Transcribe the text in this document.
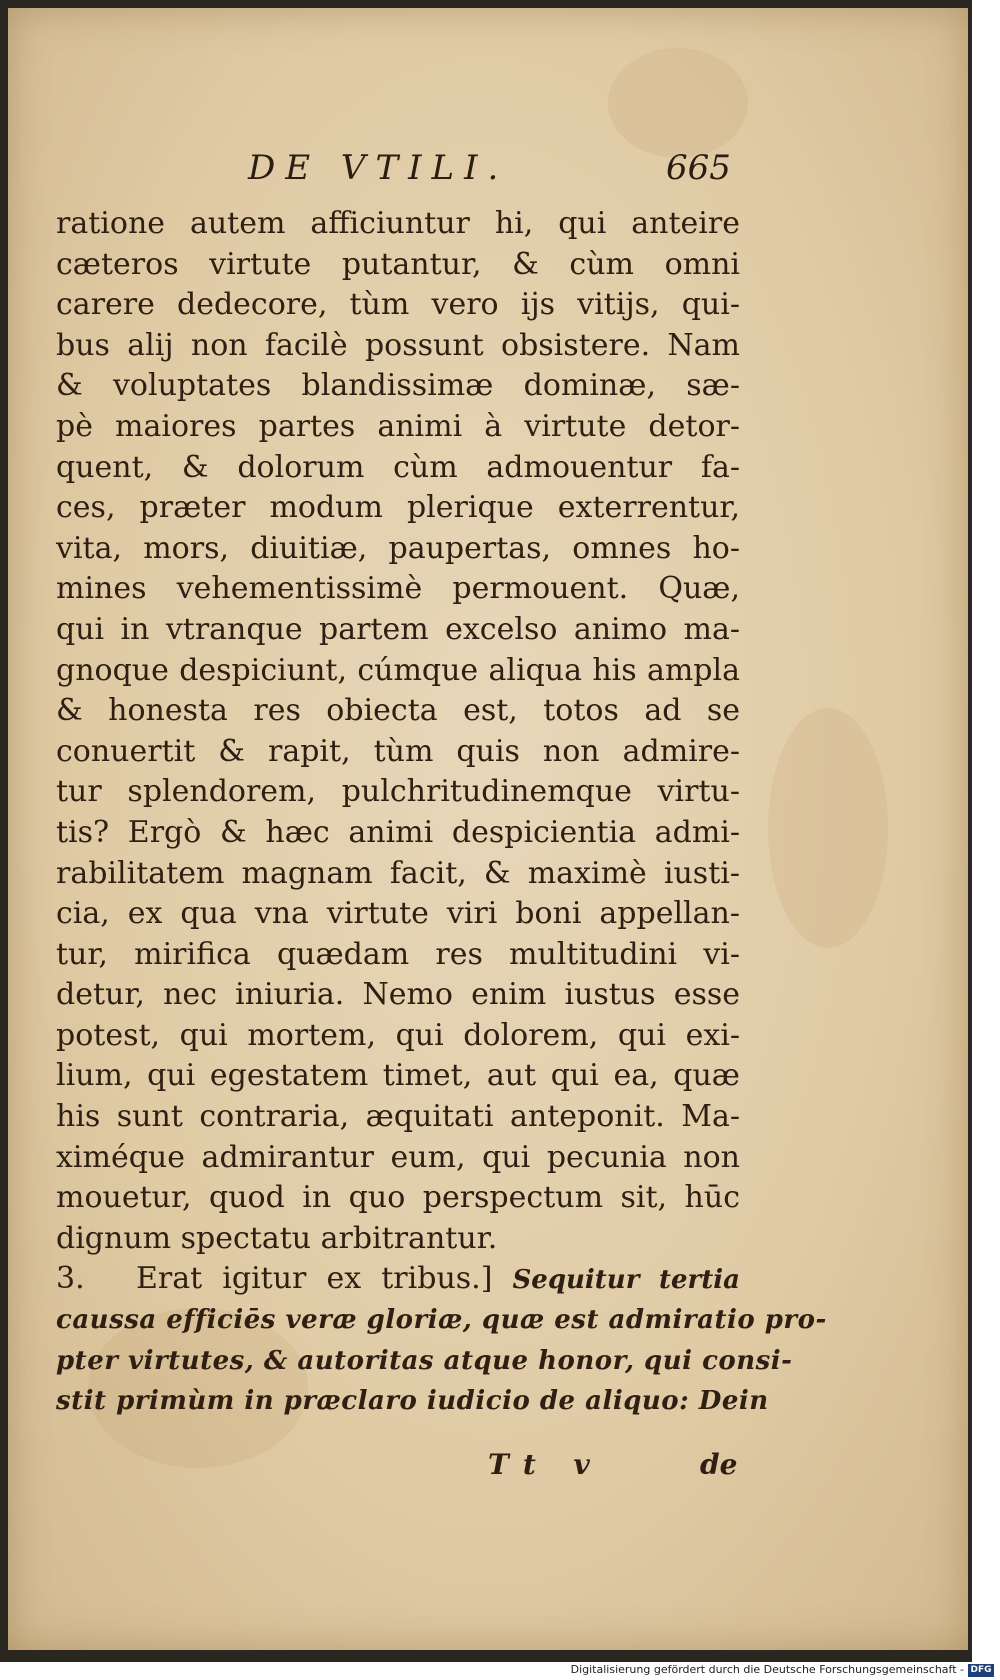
DE VTILI.	665
ratione autem afficiuntur hi, qui anteire
cæteros virtute putantur, & cùm omni
carere dedecore, tùm vero ijs vitijs, qui-
bus alij non facilè possunt obsistere. Nam
& voluptates blandissimæ dominæ, sæ-
pè maiores partes animi à virtute detor-
quent, & dolorum cùm admouentur fa-
ces, præter modum plerique exterrentur,
vita, mors, diuitiæ, paupertas, omnes ho-
mines vehementissimè permouent. Quæ,
qui in vtranque partem excelso animo ma-
gnoque despiciunt, cúmque aliqua his ampla
& honesta res obiecta est, totos ad se
conuertit & rapit, tùm quis non admire-
tur splendorem, pulchritudinemque virtu-
tis? Ergò & hæc animi despicientia admi-
rabilitatem magnam facit, & maximè iusti-
cia, ex qua vna virtute viri boni appellan-
tur, mirifica quædam res multitudini vi-
detur, nec iniuria. Nemo enim iustus esse
potest, qui mortem, qui dolorem, qui exi-
lium, qui egestatem timet, aut qui ea, quæ
his sunt contraria, æquitati anteponit. Ma-
ximéque admirantur eum, qui pecunia non
mouetur, quod in quo perspectum sit, hūc
dignum spectatu arbitrantur.
3. Erat igitur ex tribus.] Sequitur tertia
caussa efficiēs veræ gloriæ, quæ est admiratio pro-
pter virtutes, & autoritas atque honor, qui consi-
stit primùm in præclaro iudicio de aliquo: Dein
Tt v	de
Digitalisierung gefördert durch die Deutsche Forschungsgemeinschaft - DFG
